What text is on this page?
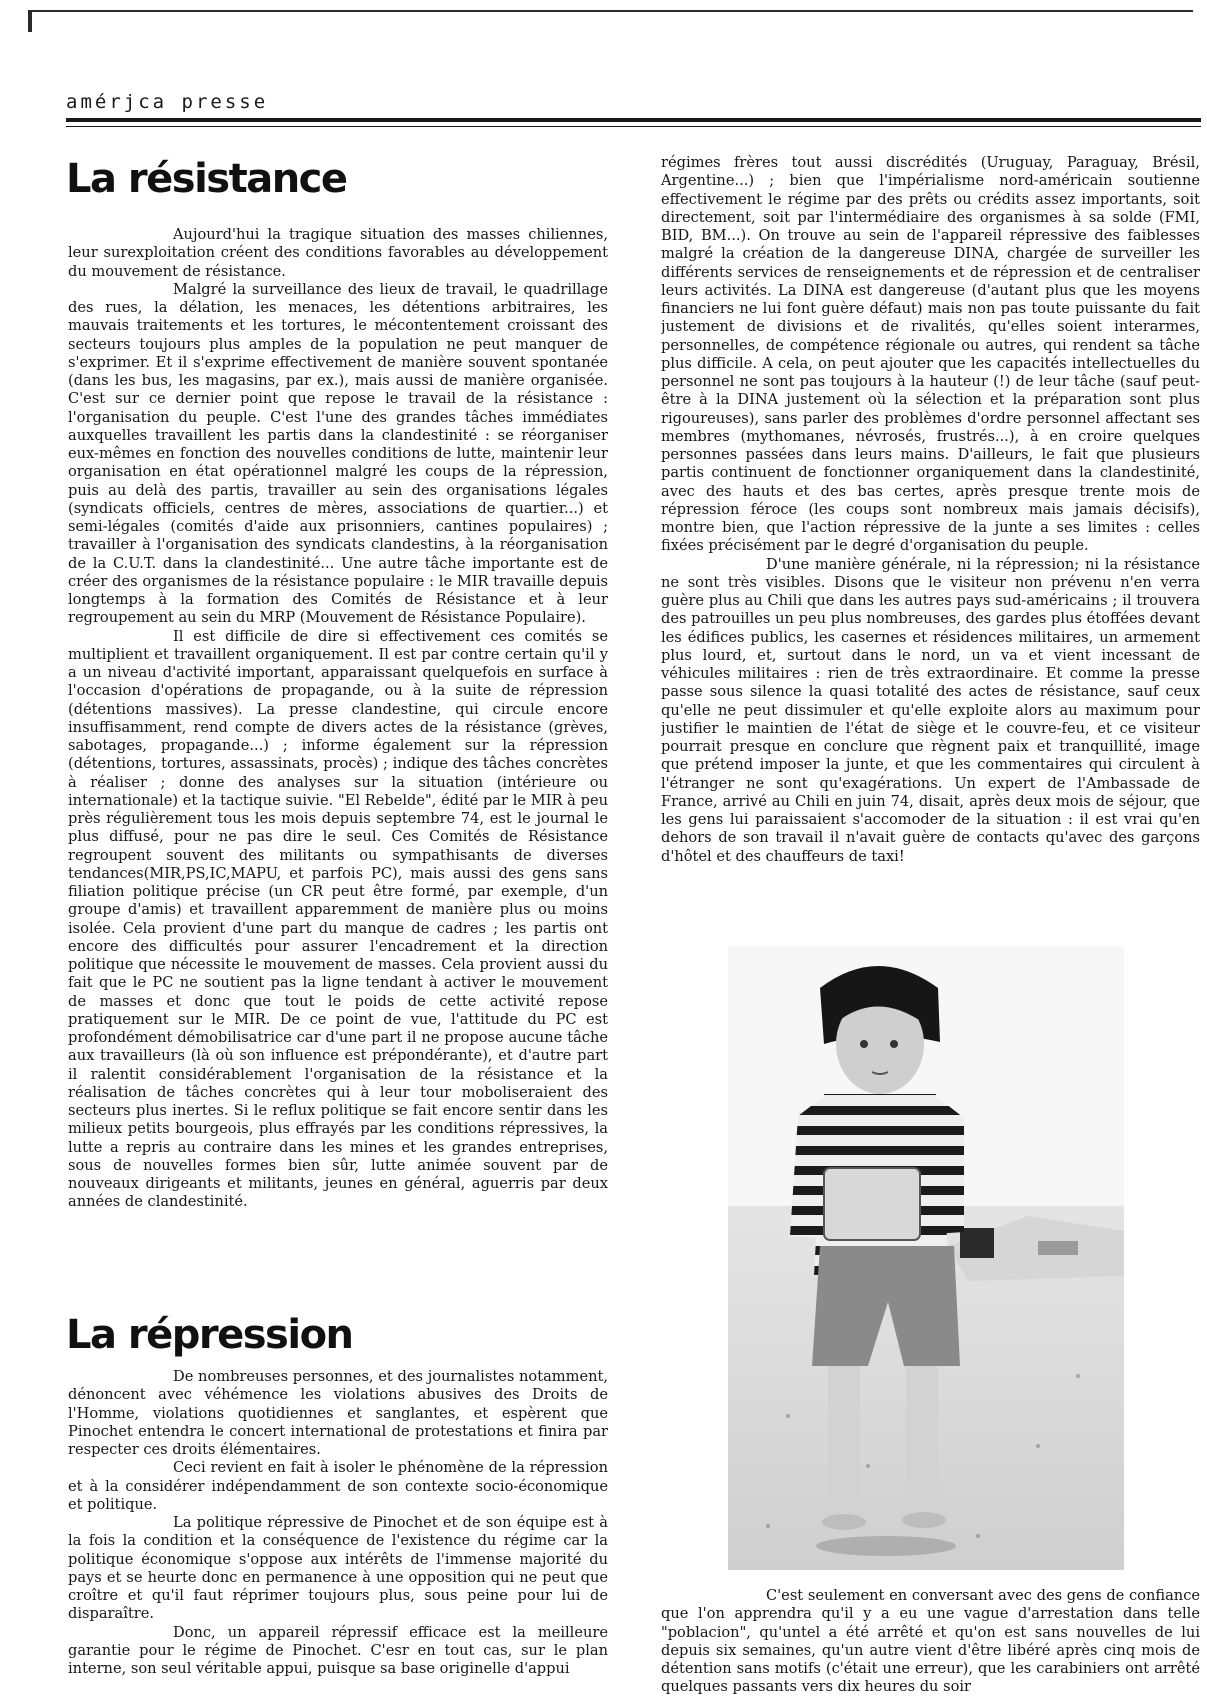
amérjca presse
La résistance

Aujourd'hui la tragique situation des masses chiliennes, leur surexploitation créent des conditions favorables au développement du mouvement de résistance.

Malgré la surveillance des lieux de travail, le quadrillage des rues, la délation, les menaces, les détentions arbitraires, les mauvais traitements et les tortures, le mécontentement croissant des secteurs toujours plus amples de la population ne peut manquer de s'exprimer. Et il s'exprime effectivement de manière souvent spontanée (dans les bus, les magasins, par ex.), mais aussi de manière organisée. C'est sur ce dernier point que repose le travail de la résistance : l'organisation du peuple. C'est l'une des grandes tâches immédiates auxquelles travaillent les partis dans la clandestinité : se réorganiser eux-mêmes en fonction des nouvelles conditions de lutte, maintenir leur organisation en état opérationnel malgré les coups de la répression, puis au delà des partis, travailler au sein des organisations légales (syndicats officiels, centres de mères, associations de quartier...) et semi-légales (comités d'aide aux prisonniers, cantines populaires) ; travailler à l'organisation des syndicats clandestins, à la réorganisation de la C.U.T. dans la clandestinité... Une autre tâche importante est de créer des organismes de la résistance populaire : le MIR travaille depuis longtemps à la formation des Comités de Résistance et à leur regroupement au sein du MRP (Mouvement de Résistance Populaire).

Il est difficile de dire si effectivement ces comités se multiplient et travaillent organiquement. Il est par contre certain qu'il y a un niveau d'activité important, apparaissant quelquefois en surface à l'occasion d'opérations de propagande, ou à la suite de répression (détentions massives). La presse clandestine, qui circule encore insuffisamment, rend compte de divers actes de la résistance (grèves, sabotages, propagande...) ; informe également sur la répression (détentions, tortures, assassinats, procès) ; indique des tâches concrètes à réaliser ; donne des analyses sur la situation (intérieure ou internationale) et la tactique suivie. "El Rebelde", édité par le MIR à peu près régulièrement tous les mois depuis septembre 74, est le journal le plus diffusé, pour ne pas dire le seul. Ces Comités de Résistance regroupent souvent des militants ou sympathisants de diverses tendances(MIR,PS,IC,MAPU, et parfois PC), mais aussi des gens sans filiation politique précise (un CR peut être formé, par exemple, d'un groupe d'amis) et travaillent apparemment de manière plus ou moins isolée. Cela provient d'une part du manque de cadres ; les partis ont encore des difficultés pour assurer l'encadrement et la direction politique que nécessite le mouvement de masses. Cela provient aussi du fait que le PC ne soutient pas la ligne tendant à activer le mouvement de masses et donc que tout le poids de cette activité repose pratiquement sur le MIR. De ce point de vue, l'attitude du PC est profondément démobilisatrice car d'une part il ne propose aucune tâche aux travailleurs (là où son influence est prépondérante), et d'autre part il ralentit considérablement l'organisation de la résistance et la réalisation de tâches concrètes qui à leur tour moboliseraient des secteurs plus inertes. Si le reflux politique se fait encore sentir dans les milieux petits bourgeois, plus effrayés par les conditions répressives, la lutte a repris au contraire dans les mines et les grandes entreprises, sous de nouvelles formes bien sûr, lutte animée souvent par de nouveaux dirigeants et militants, jeunes en général, aguerris par deux années de clandestinité.

La répression

De nombreuses personnes, et des journalistes notamment, dénoncent avec véhémence les violations abusives des Droits de l'Homme, violations quotidiennes et sanglantes, et espèrent que Pinochet entendra le concert international de protestations et finira par respecter ces droits élémentaires.

Ceci revient en fait à isoler le phénomène de la répression et à la considérer indépendamment de son contexte socio-économique et politique.

La politique répressive de Pinochet et de son équipe est à la fois la condition et la conséquence de l'existence du régime car la politique économique s'oppose aux intérêts de l'immense majorité du pays et se heurte donc en permanence à une opposition qui ne peut que croître et qu'il faut réprimer toujours plus, sous peine pour lui de disparaître.

Donc, un appareil répressif efficace est la meilleure garantie pour le régime de Pinochet. C'esr en tout cas, sur le plan interne, son seul véritable appui, puisque sa base originelle d'appui

régimes frères tout aussi discrédités (Uruguay, Paraguay, Brésil, Argentine...) ; bien que l'impérialisme nord-américain soutienne effectivement le régime par des prêts ou crédits assez importants, soit directement, soit par l'intermédiaire des organismes à sa solde (FMI, BID, BM...). On trouve au sein de l'appareil répressive des faiblesses malgré la création de la dangereuse DINA, chargée de surveiller les différents services de renseignements et de répression et de centraliser leurs activités. La DINA est dangereuse (d'autant plus que les moyens financiers ne lui font guère défaut) mais non pas toute puissante du fait justement de divisions et de rivalités, qu'elles soient interarmes, personnelles, de compétence régionale ou autres, qui rendent sa tâche plus difficile. A cela, on peut ajouter que les capacités intellectuelles du personnel ne sont pas toujours à la hauteur (!) de leur tâche (sauf peut-être à la DINA justement où la sélection et la préparation sont plus rigoureuses), sans parler des problèmes d'ordre personnel affectant ses membres (mythomanes, névrosés, frustrés...), à en croire quelques personnes passées dans leurs mains. D'ailleurs, le fait que plusieurs partis continuent de fonctionner organiquement dans la clandestinité, avec des hauts et des bas certes, après presque trente mois de répression féroce (les coups sont nombreux mais jamais décisifs), montre bien, que l'action répressive de la junte a ses limites : celles fixées précisément par le degré d'organisation du peuple.

D'une manière générale, ni la répression; ni la résistance ne sont très visibles. Disons que le visiteur non prévenu n'en verra guère plus au Chili que dans les autres pays sud-américains ; il trouvera des patrouilles un peu plus nombreuses, des gardes plus étoffées devant les édifices publics, les casernes et résidences militaires, un armement plus lourd, et, surtout dans le nord, un va et vient incessant de véhicules militaires : rien de très extraordinaire. Et comme la presse passe sous silence la quasi totalité des actes de résistance, sauf ceux qu'elle ne peut dissimuler et qu'elle exploite alors au maximum pour justifier le maintien de l'état de siège et le couvre-feu, et ce visiteur pourrait presque en conclure que règnent paix et tranquillité, image que prétend imposer la junte, et que les commentaires qui circulent à l'étranger ne sont qu'exagérations. Un expert de l'Ambassade de France, arrivé au Chili en juin 74, disait, après deux mois de séjour, que les gens lui paraissaient s'accomoder de la situation : il est vrai qu'en dehors de son travail il n'avait guère de contacts qu'avec des garçons d'hôtel et des chauffeurs de taxi!

C'est seulement en conversant avec des gens de confiance que l'on apprendra qu'il y a eu une vague d'arrestation dans telle "poblacion", qu'untel a été arrêté et qu'on est sans nouvelles de lui depuis six semaines, qu'un autre vient d'être libéré après cinq mois de détention sans motifs (c'était une erreur), que les carabiniers ont arrêté quelques passants vers dix heures du soir
